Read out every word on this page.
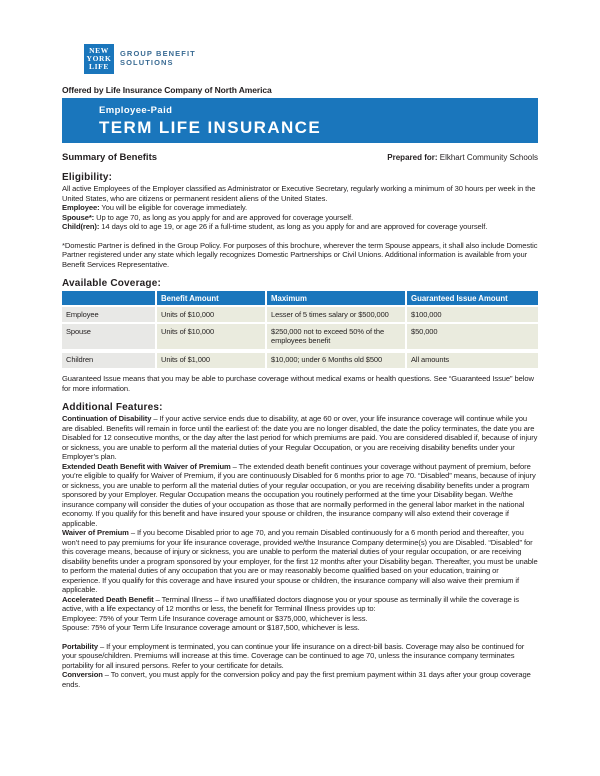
NEW
YORK
LIFE
GROUP BENEFIT
SOLUTIONS
Offered by Life Insurance Company of North America
Employee-Paid
TERM LIFE INSURANCE
Summary of Benefits	Prepared for: Elkhart Community Schools
Eligibility:

All active Employees of the Employer classified as Administrator or Executive Secretary, regularly working a minimum of 30 hours per week in the United States, who are citizens or permanent resident aliens of the United States.

Employee: You will be eligible for coverage immediately.

Spouse*: Up to age 70, as long as you apply for and are approved for coverage yourself.

Child(ren): 14 days old to age 19, or age 26 if a full-time student, as long as you apply for and are approved for coverage yourself.

*Domestic Partner is defined in the Group Policy. For purposes of this brochure, wherever the term Spouse appears, it shall also include Domestic Partner registered under any state which legally recognizes Domestic Partnerships or Civil Unions. Additional information is available from your Benefit Services Representative.

Available Coverage:
	Benefit Amount	Maximum	Guaranteed Issue Amount
Employee	Units of $10,000	Lesser of 5 times salary or $500,000	$100,000
Spouse	Units of $10,000	$250,000 not to exceed 50% of the employees benefit	$50,000
Children	Units of $1,000	$10,000; under 6 Months old $500	All amounts

Guaranteed Issue means that you may be able to purchase coverage without medical exams or health questions. See “Guaranteed Issue” below for more information.

Additional Features:

Continuation of Disability – If your active service ends due to disability, at age 60 or over, your life insurance coverage will continue while you are disabled. Benefits will remain in force until the earliest of: the date you are no longer disabled, the date the policy terminates, the date you are Disabled for 12 consecutive months, or the day after the last period for which premiums are paid. You are considered disabled if, because of injury or sickness, you are unable to perform all the material duties of your Regular Occupation, or you are receiving disability benefits under your Employer’s plan.

Extended Death Benefit with Waiver of Premium – The extended death benefit continues your coverage without payment of premium, before you’re eligible to qualify for Waiver of Premium, if you are continuously Disabled for 6 months prior to age 70. “Disabled” means, because of injury or sickness, you are unable to perform all the material duties of your regular occupation, or you are receiving disability benefits under a program sponsored by your Employer. Regular Occupation means the occupation you routinely performed at the time your Disability began. We/the insurance company will consider the duties of your occupation as those that are normally performed in the general labor market in the national economy. If you qualify for this benefit and have insured your spouse or children, the insurance company will also extend their coverage if applicable.

Waiver of Premium – If you become Disabled prior to age 70, and you remain Disabled continuously for a 6 month period and thereafter, you won’t need to pay premiums for your life insurance coverage, provided we/the Insurance Company determine(s) you are Disabled. “Disabled” for this coverage means, because of injury or sickness, you are unable to perform the material duties of your regular occupation, or are receiving disability benefits under a program sponsored by your employer, for the first 12 months after your Disability began. Thereafter, you must be unable to perform the material duties of any occupation that you are or may reasonably become qualified based on your education, training or experience. If you qualify for this coverage and have insured your spouse or children, the insurance company will also waive their premium if applicable.

Accelerated Death Benefit – Terminal Illness – if two unaffiliated doctors diagnose you or your spouse as terminally ill while the coverage is active, with a life expectancy of 12 months or less, the benefit for Terminal Illness provides up to:

Employee: 75% of your Term Life Insurance coverage amount or $375,000, whichever is less.

Spouse: 75% of your Term Life Insurance coverage amount or $187,500, whichever is less.

Portability – If your employment is terminated, you can continue your life insurance on a direct-bill basis. Coverage may also be continued for your spouse/children. Premiums will increase at this time. Coverage can be continued to age 70, unless the insurance company terminates portability for all insured persons. Refer to your certificate for details.

Conversion – To convert, you must apply for the conversion policy and pay the first premium payment within 31 days after your group coverage ends.
